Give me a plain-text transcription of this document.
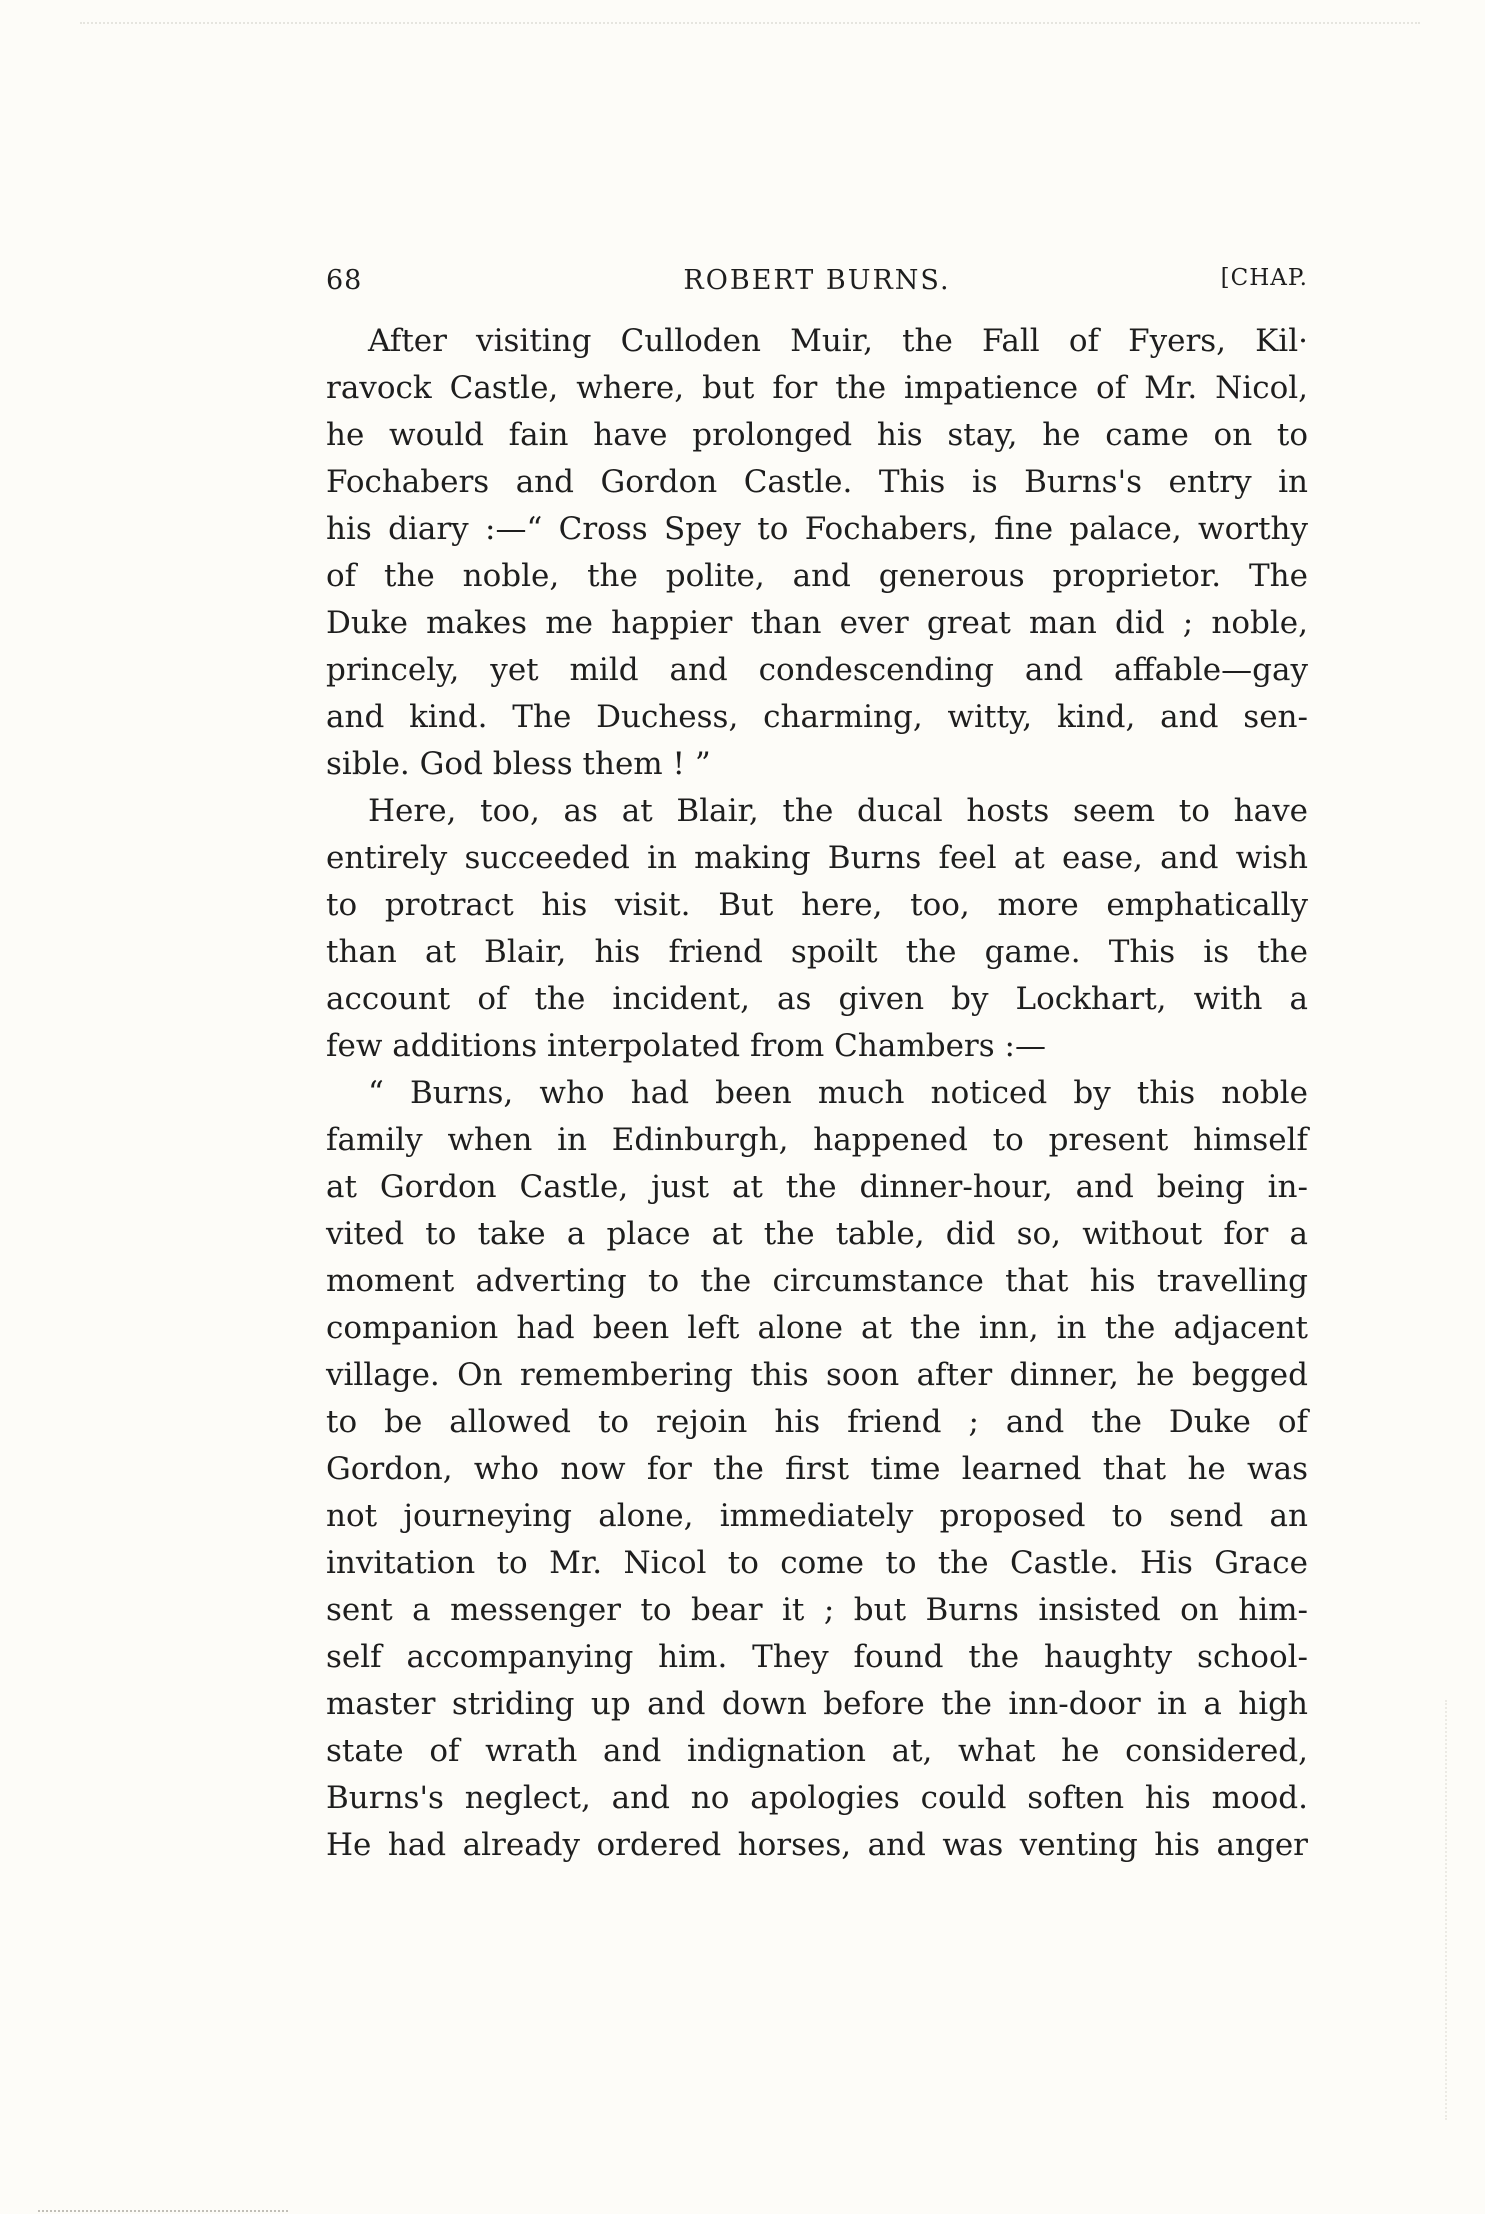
68	ROBERT BURNS.	[CHAP.
After visiting Culloden Muir, the Fall of Fyers, Kil·
ravock Castle, where, but for the impatience of Mr. Nicol,
he would fain have prolonged his stay, he came on to
Fochabers and Gordon Castle. This is Burns's entry in
his diary :—“ Cross Spey to Fochabers, fine palace, worthy
of the noble, the polite, and generous proprietor. The
Duke makes me happier than ever great man did ; noble,
princely, yet mild and condescending and affable—gay
and kind. The Duchess, charming, witty, kind, and sen-
sible. God bless them ! ”
Here, too, as at Blair, the ducal hosts seem to have
entirely succeeded in making Burns feel at ease, and wish
to protract his visit. But here, too, more emphatically
than at Blair, his friend spoilt the game. This is the
account of the incident, as given by Lockhart, with a
few additions interpolated from Chambers :—
“ Burns, who had been much noticed by this noble
family when in Edinburgh, happened to present himself
at Gordon Castle, just at the dinner-hour, and being in-
vited to take a place at the table, did so, without for a
moment adverting to the circumstance that his travelling
companion had been left alone at the inn, in the adjacent
village. On remembering this soon after dinner, he begged
to be allowed to rejoin his friend ; and the Duke of
Gordon, who now for the first time learned that he was
not journeying alone, immediately proposed to send an
invitation to Mr. Nicol to come to the Castle. His Grace
sent a messenger to bear it ; but Burns insisted on him-
self accompanying him. They found the haughty school-
master striding up and down before the inn-door in a high
state of wrath and indignation at, what he considered,
Burns's neglect, and no apologies could soften his mood.
He had already ordered horses, and was venting his anger
